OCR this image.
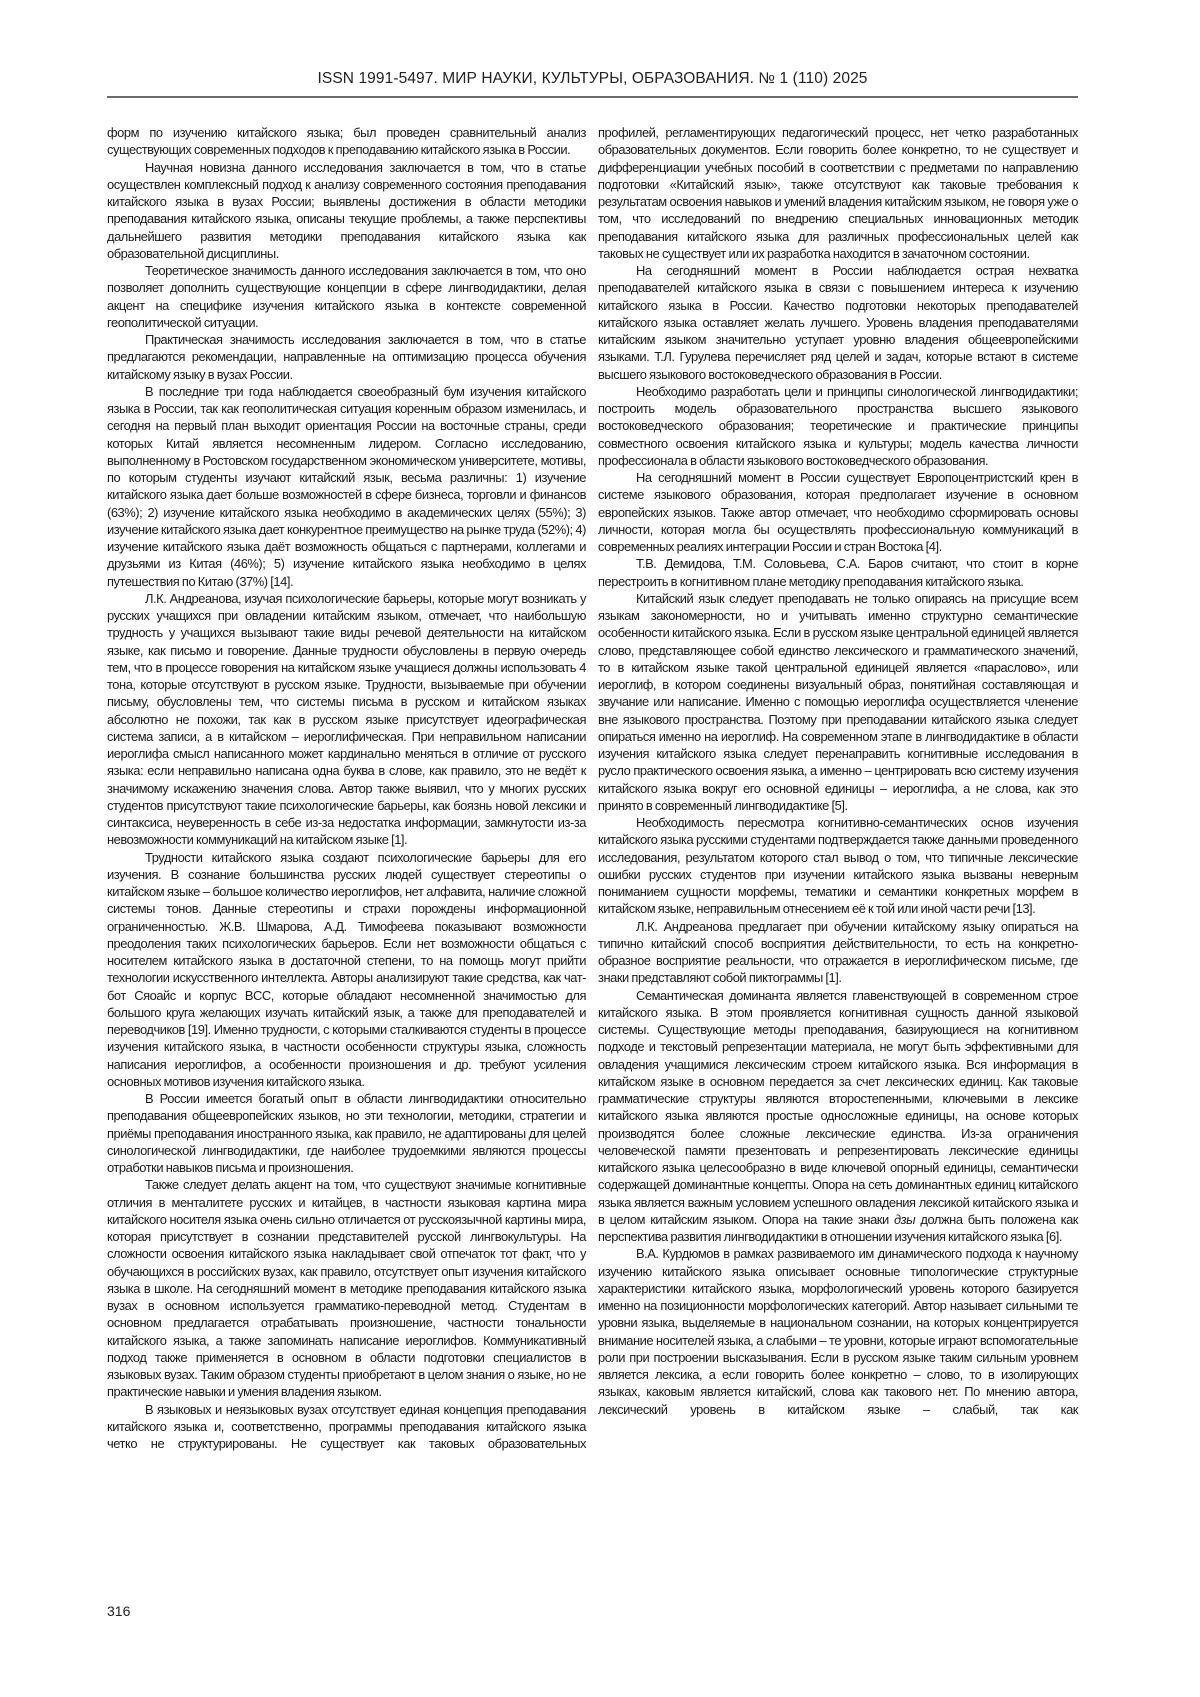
ISSN 1991-5497. МИР НАУКИ, КУЛЬТУРЫ, ОБРАЗОВАНИЯ. № 1 (110) 2025

форм по изучению китайского языка; был проведен сравнительный анализ существующих современных подходов к преподаванию китайского языка в России.

Научная новизна данного исследования заключается в том, что в статье осуществлен комплексный подход к анализу современного состояния преподавания китайского языка в вузах России; выявлены достижения в области методики преподавания китайского языка, описаны текущие проблемы, а также перспективы дальнейшего развития методики преподавания китайского языка как образовательной дисциплины.

Теоретическое значимость данного исследования заключается в том, что оно позволяет дополнить существующие концепции в сфере лингводидактики, делая акцент на специфике изучения китайского языка в контексте современной геополитической ситуации.

Практическая значимость исследования заключается в том, что в статье предлагаются рекомендации, направленные на оптимизацию процесса обучения китайскому языку в вузах России.

В последние три года наблюдается своеобразный бум изучения китайского языка в России, так как геополитическая ситуация коренным образом изменилась, и сегодня на первый план выходит ориентация России на восточные страны, среди которых Китай является несомненным лидером. Согласно исследованию, выполненному в Ростовском государственном экономическом университете, мотивы, по которым студенты изучают китайский язык, весьма различны: 1) изучение китайского языка дает больше возможностей в сфере бизнеса, торговли и финансов (63%); 2) изучение китайского языка необходимо в академических целях (55%); 3) изучение китайского языка дает конкурентное преимущество на рынке труда (52%); 4) изучение китайского языка даёт возможность общаться с партнерами, коллегами и друзьями из Китая (46%); 5) изучение китайского языка необходимо в целях путешествия по Китаю (37%) [14].

Л.К. Андреанова, изучая психологические барьеры, которые могут возникать у русских учащихся при овладении китайским языком, отмечает, что наибольшую трудность у учащихся вызывают такие виды речевой деятельности на китайском языке, как письмо и говорение. Данные трудности обусловлены в первую очередь тем, что в процессе говорения на китайском языке учащиеся должны использовать 4 тона, которые отсутствуют в русском языке. Трудности, вызываемые при обучении письму, обусловлены тем, что системы письма в русском и китайском языках абсолютно не похожи, так как в русском языке присутствует идеографическая система записи, а в китайском – иероглифическая. При неправильном написании иероглифа смысл написанного может кардинально меняться в отличие от русского языка: если неправильно написана одна буква в слове, как правило, это не ведёт к значимому искажению значения слова. Автор также выявил, что у многих русских студентов присутствуют такие психологические барьеры, как боязнь новой лексики и синтаксиса, неуверенность в себе из-за недостатка информации, замкнутости из-за невозможности коммуникаций на китайском языке [1].

Трудности китайского языка создают психологические барьеры для его изучения. В сознание большинства русских людей существует стереотипы о китайском языке – большое количество иероглифов, нет алфавита, наличие сложной системы тонов. Данные стереотипы и страхи порождены информационной ограниченностью. Ж.В. Шмарова, А.Д. Тимофеева показывают возможности преодоления таких психологических барьеров. Если нет возможности общаться с носителем китайского языка в достаточной степени, то на помощь могут прийти технологии искусственного интеллекта. Авторы анализируют такие средства, как чат-бот Сяоайс и корпус BCC, которые обладают несомненной значимостью для большого круга желающих изучать китайский язык, а также для преподавателей и переводчиков [19]. Именно трудности, с которыми сталкиваются студенты в процессе изучения китайского языка, в частности особенности структуры языка, сложность написания иероглифов, а особенности произношения и др. требуют усиления основных мотивов изучения китайского языка.

В России имеется богатый опыт в области лингводидактики относительно преподавания общеевропейских языков, но эти технологии, методики, стратегии и приёмы преподавания иностранного языка, как правило, не адаптированы для целей синологической лингводидактики, где наиболее трудоемкими являются процессы отработки навыков письма и произношения.

Также следует делать акцент на том, что существуют значимые когнитивные отличия в менталитете русских и китайцев, в частности языковая картина мира китайского носителя языка очень сильно отличается от русскоязычной картины мира, которая присутствует в сознании представителей русской лингвокультуры. На сложности освоения китайского языка накладывает свой отпечаток тот факт, что у обучающихся в российских вузах, как правило, отсутствует опыт изучения китайского языка в школе. На сегодняшний момент в методике преподавания китайского языка вузах в основном используется грамматико-переводной метод. Студентам в основном предлагается отрабатывать произношение, частности тональности китайского языка, а также запоминать написание иероглифов. Коммуникативный подход также применяется в основном в области подготовки специалистов в языковых вузах. Таким образом студенты приобретают в целом знания о языке, но не практические навыки и умения владения языком.

В языковых и неязыковых вузах отсутствует единая концепция преподавания китайского языка и, соответственно, программы преподавания китайского языка четко не структурированы. Не существует как таковых образовательных

профилей, регламентирующих педагогический процесс, нет четко разработанных образовательных документов. Если говорить более конкретно, то не существует и дифференциации учебных пособий в соответствии с предметами по направлению подготовки «Китайский язык», также отсутствуют как таковые требования к результатам освоения навыков и умений владения китайским языком, не говоря уже о том, что исследований по внедрению специальных инновационных методик преподавания китайского языка для различных профессиональных целей как таковых не существует или их разработка находится в зачаточном состоянии.

На сегодняшний момент в России наблюдается острая нехватка преподавателей китайского языка в связи с повышением интереса к изучению китайского языка в России. Качество подготовки некоторых преподавателей китайского языка оставляет желать лучшего. Уровень владения преподавателями китайским языком значительно уступает уровню владения общеевропейскими языками. Т.Л. Гурулева перечисляет ряд целей и задач, которые встают в системе высшего языкового востоковедческого образования в России.

Необходимо разработать цели и принципы синологической лингводидактики; построить модель образовательного пространства высшего языкового востоковедческого образования; теоретические и практические принципы совместного освоения китайского языка и культуры; модель качества личности профессионала в области языкового востоковедческого образования.

На сегодняшний момент в России существует Европоцентристский крен в системе языкового образования, которая предполагает изучение в основном европейских языков. Также автор отмечает, что необходимо сформировать основы личности, которая могла бы осуществлять профессиональную коммуникаций в современных реалиях интеграции России и стран Востока [4].

Т.В. Демидова, Т.М. Соловьева, С.А. Баров считают, что стоит в корне перестроить в когнитивном плане методику преподавания китайского языка.

Китайский язык следует преподавать не только опираясь на присущие всем языкам закономерности, но и учитывать именно структурно семантические особенности китайского языка. Если в русском языке центральной единицей является слово, представляющее собой единство лексического и грамматического значений, то в китайском языке такой центральной единицей является «параслово», или иероглиф, в котором соединены визуальный образ, понятийная составляющая и звучание или написание. Именно с помощью иероглифа осуществляется членение вне языкового пространства. Поэтому при преподавании китайского языка следует опираться именно на иероглиф. На современном этапе в лингводидактике в области изучения китайского языка следует перенаправить когнитивные исследования в русло практического освоения языка, а именно – центрировать всю систему изучения китайского языка вокруг его основной единицы – иероглифа, а не слова, как это принято в современный лингводидактике [5].

Необходимость пересмотра когнитивно-семантических основ изучения китайского языка русскими студентами подтверждается также данными проведенного исследования, результатом которого стал вывод о том, что типичные лексические ошибки русских студентов при изучении китайского языка вызваны неверным пониманием сущности морфемы, тематики и семантики конкретных морфем в китайском языке, неправильным отнесением её к той или иной части речи [13].

Л.К. Андреанова предлагает при обучении китайскому языку опираться на типично китайский способ восприятия действительности, то есть на конкретно-образное восприятие реальности, что отражается в иероглифическом письме, где знаки представляют собой пиктограммы [1].

Семантическая доминанта является главенствующей в современном строе китайского языка. В этом проявляется когнитивная сущность данной языковой системы. Существующие методы преподавания, базирующиеся на когнитивном подходе и текстовый репрезентации материала, не могут быть эффективными для овладения учащимися лексическим строем китайского языка. Вся информация в китайском языке в основном передается за счет лексических единиц. Как таковые грамматические структуры являются второстепенными, ключевыми в лексике китайского языка являются простые односложные единицы, на основе которых производятся более сложные лексические единства. Из-за ограничения человеческой памяти презентовать и репрезентировать лексические единицы китайского языка целесообразно в виде ключевой опорный единицы, семантически содержащей доминантные концепты. Опора на сеть доминантных единиц китайского языка является важным условием успешного овладения лексикой китайского языка и в целом китайским языком. Опора на такие знаки дзы должна быть положена как перспектива развития лингводидактики в отношении изучения китайского языка [6].

В.А. Курдюмов в рамках развиваемого им динамического подхода к научному изучению китайского языка описывает основные типологические структурные характеристики китайского языка, морфологический уровень которого базируется именно на позиционности морфологических категорий. Автор называет сильными те уровни языка, выделяемые в национальном сознании, на которых концентрируется внимание носителей языка, а слабыми – те уровни, которые играют вспомогательные роли при построении высказывания. Если в русском языке таким сильным уровнем является лексика, а если говорить более конкретно – слово, то в изолирующих языках, каковым является китайский, слова как такового нет. По мнению автора, лексический уровень в китайском языке – слабый, так как

316
